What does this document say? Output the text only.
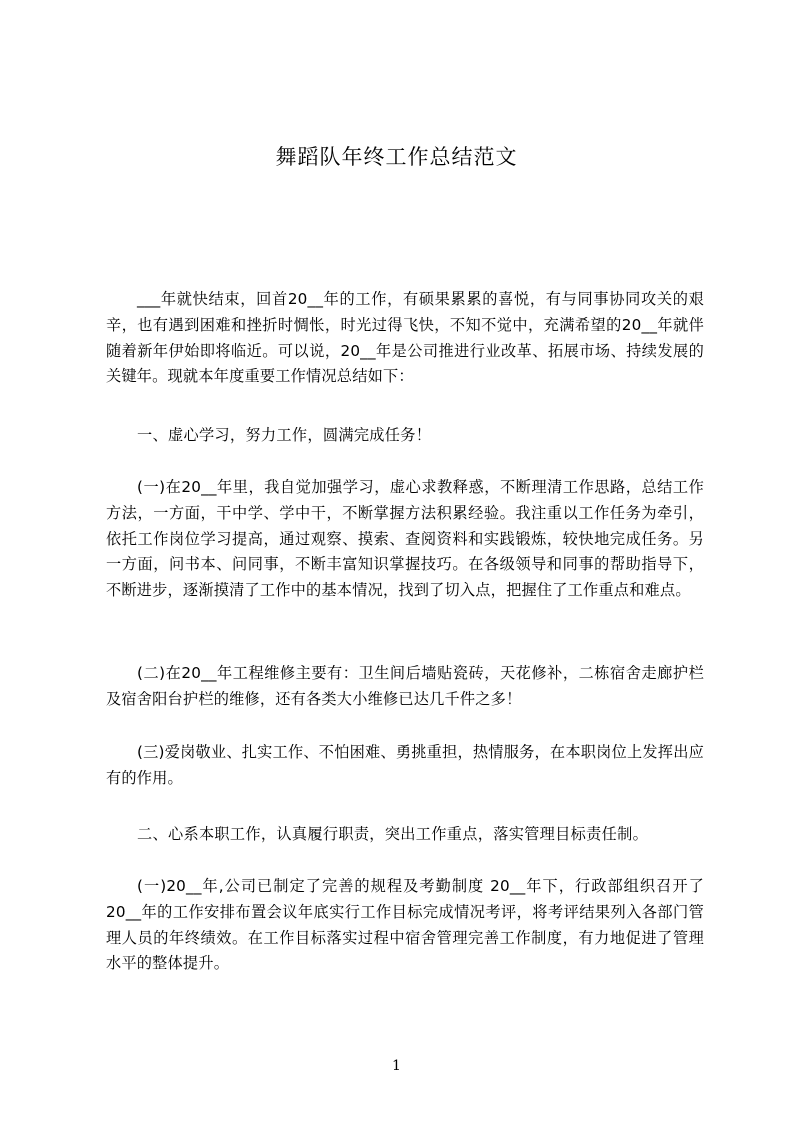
舞蹈队年终工作总结范文

___年就快结束，回首20__年的工作，有硕果累累的喜悦，有与同事协同攻关的艰辛，也有遇到困难和挫折时惆怅，时光过得飞快，不知不觉中，充满希望的20__年就伴随着新年伊始即将临近。可以说，20__年是公司推进行业改革、拓展市场、持续发展的关键年。现就本年度重要工作情况总结如下：

一、虚心学习，努力工作，圆满完成任务！

(一)在20__年里，我自觉加强学习，虚心求教释惑，不断理清工作思路，总结工作方法，一方面，干中学、学中干，不断掌握方法积累经验。我注重以工作任务为牵引，依托工作岗位学习提高，通过观察、摸索、查阅资料和实践锻炼，较快地完成任务。另一方面，问书本、问同事，不断丰富知识掌握技巧。在各级领导和同事的帮助指导下，不断进步，逐渐摸清了工作中的基本情况，找到了切入点，把握住了工作重点和难点。

(二)在20__年工程维修主要有：卫生间后墙贴瓷砖，天花修补，二栋宿舍走廊护栏及宿舍阳台护栏的维修，还有各类大小维修已达几千件之多！

(三)爱岗敬业、扎实工作、不怕困难、勇挑重担，热情服务，在本职岗位上发挥出应有的作用。

二、心系本职工作，认真履行职责，突出工作重点，落实管理目标责任制。

(一)20__年,公司已制定了完善的规程及考勤制度 20__年下，行政部组织召开了20__年的工作安排布置会议年底实行工作目标完成情况考评，将考评结果列入各部门管理人员的年终绩效。在工作目标落实过程中宿舍管理完善工作制度，有力地促进了管理水平的整体提升。

1
